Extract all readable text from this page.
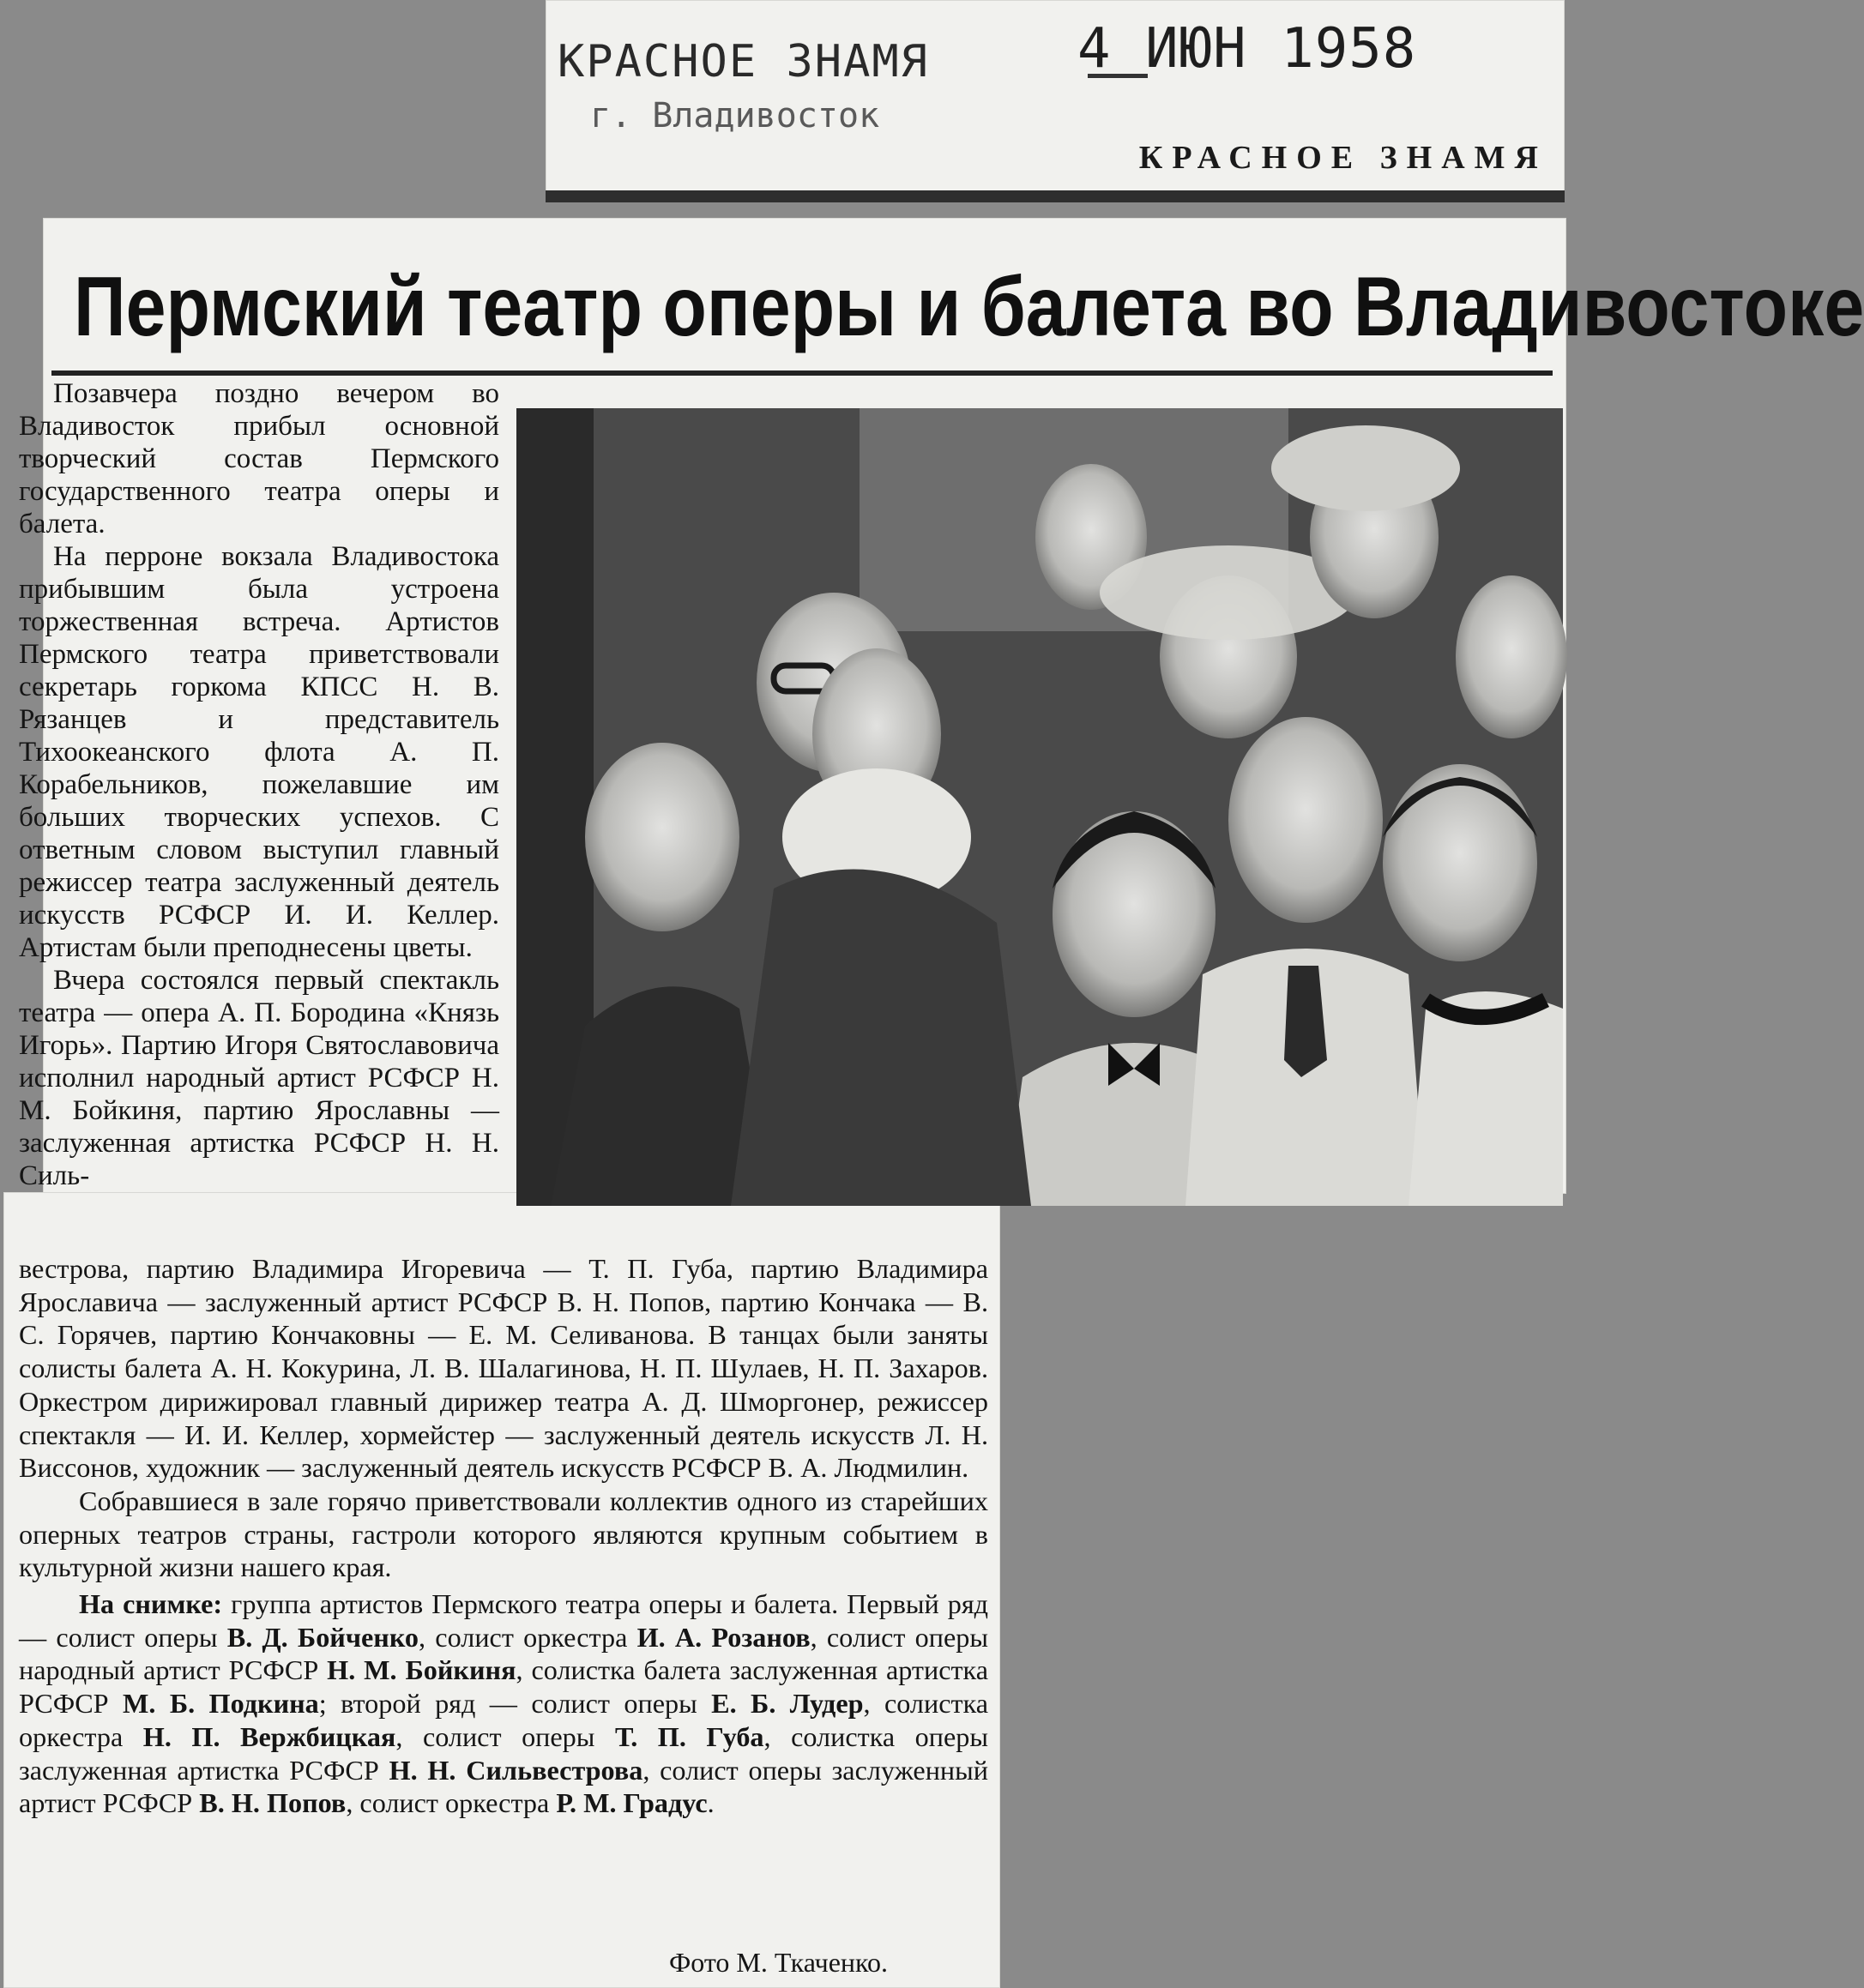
КРАСНОЕ ЗНАМЯ
г. Владивосток
4 ИЮН 1958
КРАСНОЕ ЗНАМЯ
Пермский театр оперы и балета во Владивостоке

Позавчера поздно вечером во Владивосток прибыл основной творческий состав Пермского государственного театра оперы и балета.

На перроне вокзала Владивостока прибывшим была устроена торжественная встреча. Артистов Пермского театра приветствовали секретарь горкома КПСС Н. В. Рязанцев и представитель Тихоокеанского флота А. П. Корабельников, пожелавшие им больших творческих успехов. С ответным словом выступил главный режиссер театра заслуженный деятель искусств РСФСР И. И. Келлер. Артистам были преподнесены цветы.

Вчера состоялся первый спектакль театра — опера А. П. Бородина «Князь Игорь». Партию Игоря Святославовича исполнил народный артист РСФСР Н. М. Бойкиня, партию Ярославны — заслуженная артистка РСФСР Н. Н. Силь-

вестрова, партию Владимира Игоревича — Т. П. Губа, партию Владимира Ярославича — заслуженный артист РСФСР В. Н. Попов, партию Кончака — В. С. Горячев, партию Кончаковны — Е. М. Селиванова. В танцах были заняты солисты балета А. Н. Кокурина, Л. В. Шалагинова, Н. П. Шулаев, Н. П. Захаров. Оркестром дирижировал главный дирижер театра А. Д. Шморгонер, режиссер спектакля — И. И. Келлер, хормейстер — заслуженный деятель искусств Л. Н. Виссонов, художник — заслуженный деятель искусств РСФСР В. А. Людмилин.

Собравшиеся в зале горячо приветствовали коллектив одного из старейших оперных театров страны, гастроли которого являются крупным событием в культурной жизни нашего края.

На снимке: группа артистов Пермского театра оперы и балета. Первый ряд — солист оперы В. Д. Бойченко, солист оркестра И. А. Розанов, солист оперы народный артист РСФСР Н. М. Бойкиня, солистка балета заслуженная артистка РСФСР М. Б. Подкина; второй ряд — солист оперы Е. Б. Лудер, солистка оркестра Н. П. Вержбицкая, солист оперы Т. П. Губа, солистка оперы заслуженная артистка РСФСР Н. Н. Сильвестрова, солист оперы заслуженный артист РСФСР В. Н. Попов, солист оркестра Р. М. Градус.

Фото М. Ткаченко.
